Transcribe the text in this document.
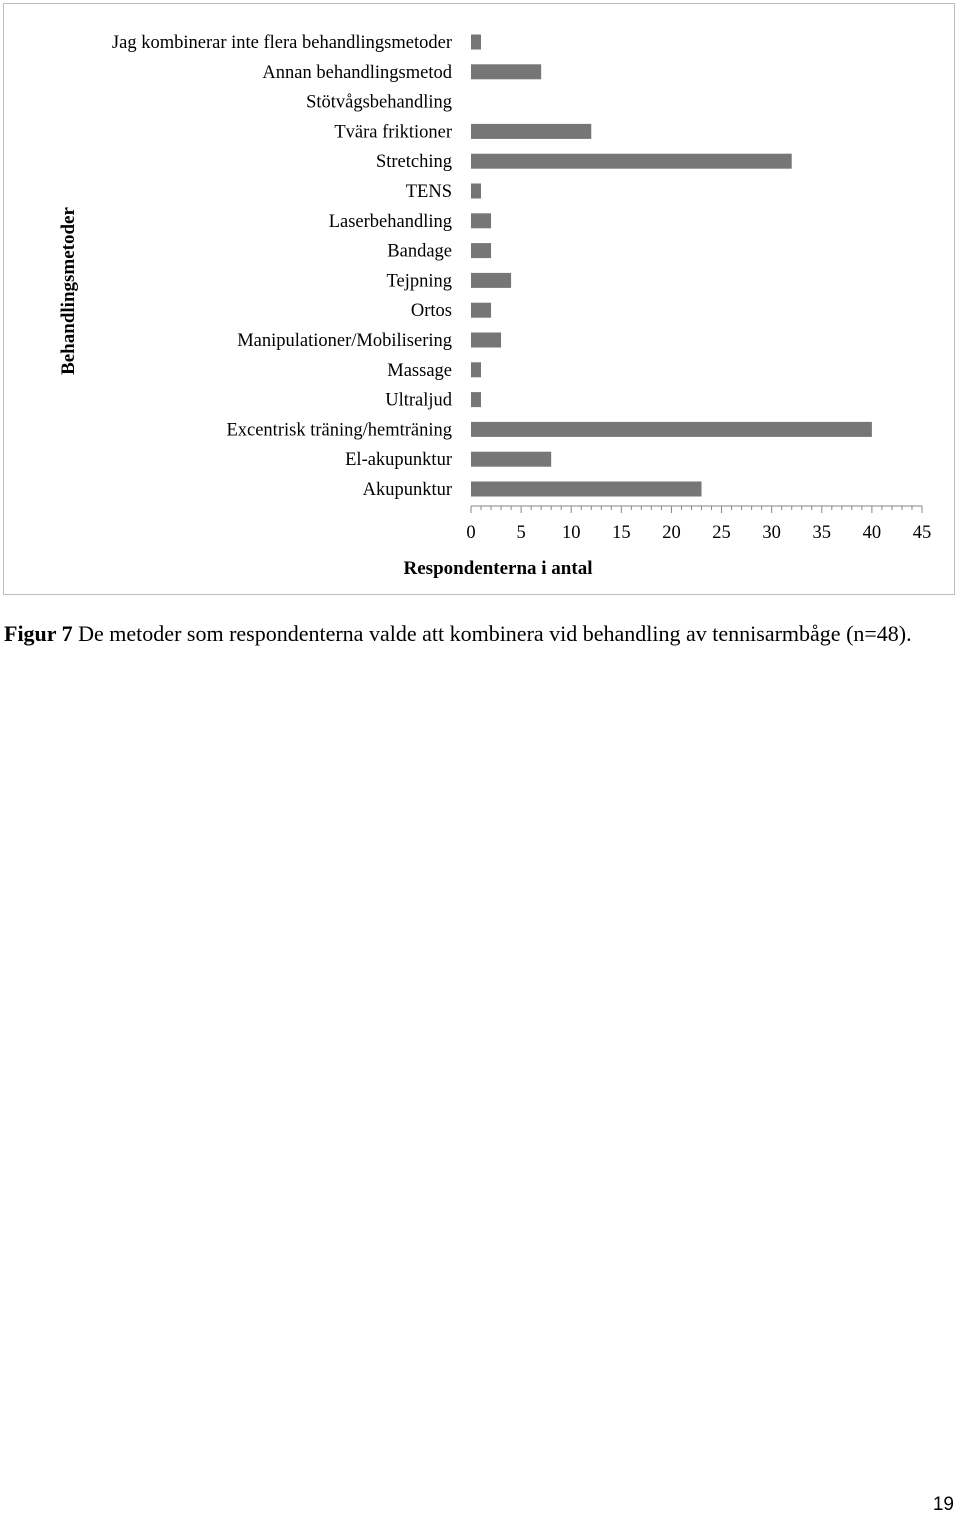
Jag kombinerar inte flera behandlingsmetoder
Annan behandlingsmetod
Stötvågsbehandling
Tvära friktioner
Stretching
TENS
Laserbehandling
Bandage
Tejpning
Ortos
Manipulationer/Mobilisering
Massage
Ultraljud
Excentrisk träning/hemträning
El-akupunktur
Akupunktur
0 5 10 15 20 25 30 35 40 45
Respondenterna i antal
Behandlingsmetoder
Figur 7 De metoder som respondenterna valde att kombinera vid behandling av tennisarmbåge (n=48).
19
